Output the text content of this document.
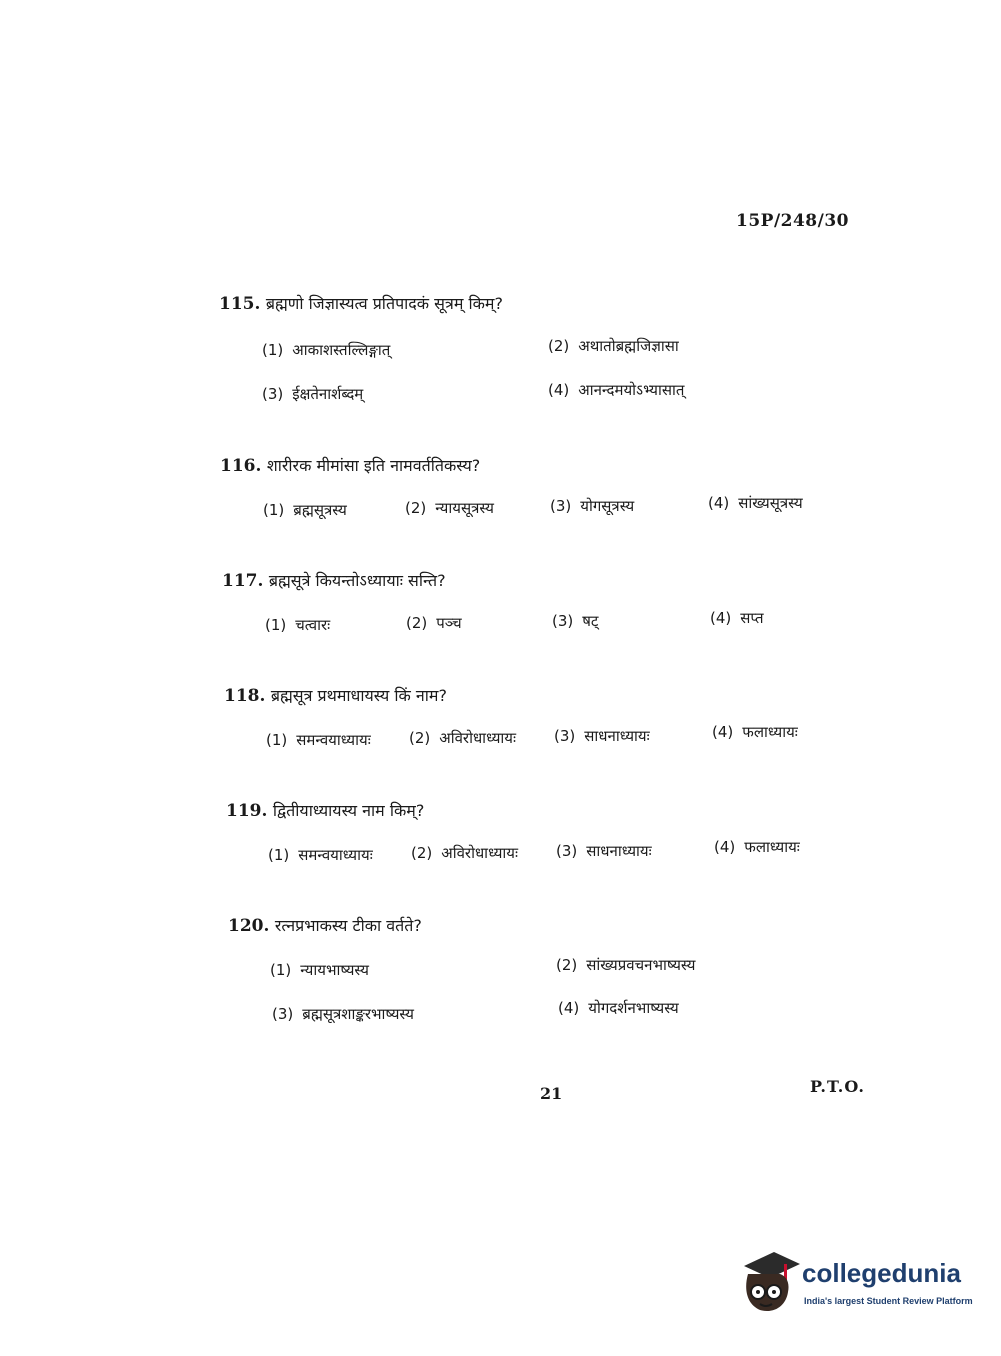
15P/248/30
115. ब्रह्मणो जिज्ञास्यत्व प्रतिपादकं सूत्रम् किम्?
(1) आकाशस्तल्लिङ्गात्	(2) अथातोब्रह्मजिज्ञासा
(3) ईक्षतेनार्शब्दम्	(4) आनन्दमयोऽभ्यासात्
116. शारीरक मीमांसा इति नामवर्ततिकस्य?
(1) ब्रह्मसूत्रस्य	(2) न्यायसूत्रस्य	(3) योगसूत्रस्य	(4) सांख्यसूत्रस्य
117. ब्रह्मसूत्रे कियन्तोऽध्यायाः सन्ति?
(1) चत्वारः	(2) पञ्च	(3) षट्	(4) सप्त
118. ब्रह्मसूत्र प्रथमाधायस्य किं नाम?
(1) समन्वयाध्यायः	(2) अविरोधाध्यायः	(3) साधनाध्यायः	(4) फलाध्यायः
119. द्वितीयाध्यायस्य नाम किम्?
(1) समन्वयाध्यायः	(2) अविरोधाध्यायः	(3) साधनाध्यायः	(4) फलाध्यायः
120. रत्नप्रभाकस्य टीका वर्तते?
(1) न्यायभाष्यस्य	(2) सांख्यप्रवचनभाष्यस्य
(3) ब्रह्मसूत्रशाङ्करभाष्यस्य	(4) योगदर्शनभाष्यस्य
21	P.T.O.
collegedunia
India's largest Student Review Platform
